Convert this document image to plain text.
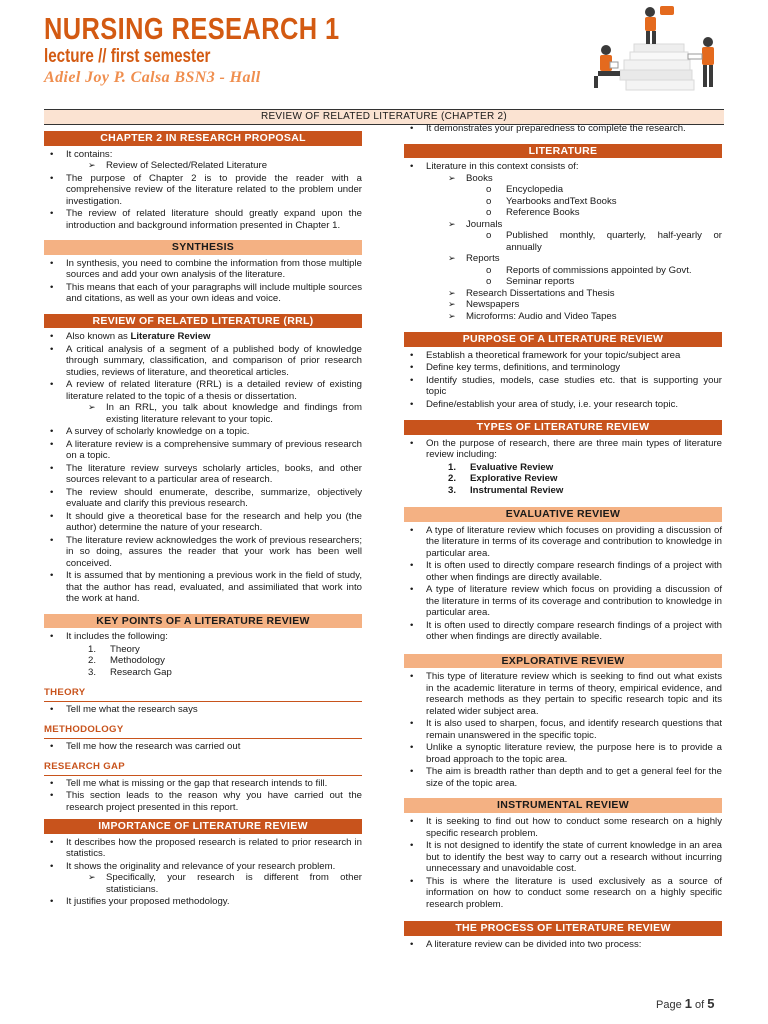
NURSING RESEARCH 1
lecture // first semester
Adiel Joy P. Calsa BSN3 - Hall
REVIEW OF RELATED LITERATURE (CHAPTER 2)
CHAPTER 2 IN RESEARCH PROPOSAL
• It contains:
➢ Review of Selected/Related Literature
• The purpose of Chapter 2 is to provide the reader with a comprehensive review of the literature related to the problem under investigation.
• The review of related literature should greatly expand upon the introduction and background information presented in Chapter 1.
SYNTHESIS
• In synthesis, you need to combine the information from those multiple sources and add your own analysis of the literature.
• This means that each of your paragraphs will include multiple sources and citations, as well as your own ideas and voice.
REVIEW OF RELATED LITERATURE (RRL)
• Also known as Literature Review
• A critical analysis of a segment of a published body of knowledge through summary, classification, and comparison of prior research studies, reviews of literature, and theoretical articles.
• A review of related literature (RRL) is a detailed review of existing literature related to the topic of a thesis or dissertation.
➢ In an RRL, you talk about knowledge and findings from existing literature relevant to your topic.
• A survey of scholarly knowledge on a topic.
• A literature review is a comprehensive summary of previous research on a topic.
• The literature review surveys scholarly articles, books, and other sources relevant to a particular area of research.
• The review should enumerate, describe, summarize, objectively evaluate and clarify this previous research.
• It should give a theoretical base for the research and help you (the author) determine the nature of your research.
• The literature review acknowledges the work of previous researchers; in so doing, assures the reader that your work has been well conceived.
• It is assumed that by mentioning a previous work in the field of study, that the author has read, evaluated, and assimiliated that work into the work at hand.
KEY POINTS OF A LITERATURE REVIEW
• It includes the following:
1. Theory
2. Methodology
3. Research Gap
THEORY
• Tell me what the research says
METHODOLOGY
• Tell me how the research was carried out
RESEARCH GAP
• Tell me what is missing or the gap that research intends to fill.
• This section leads to the reason why you have carried out the research project presented in this report.
IMPORTANCE OF LITERATURE REVIEW
• It describes how the proposed research is related to prior research in statistics.
• It shows the originality and relevance of your research problem.
➢ Specifically, your research is different from other statisticians.
• It justifies your proposed methodology.
• It demonstrates your preparedness to complete the research.
LITERATURE
• Literature in this context consists of:
➢ Books
o Encyclopedia
o Yearbooks andText Books
o Reference Books
➢ Journals
o Published monthly, quarterly, half-yearly or annually
➢ Reports
o Reports of commissions appointed by Govt.
o Seminar reports
➢ Research Dissertations and Thesis
➢ Newspapers
➢ Microforms: Audio and Video Tapes
PURPOSE OF A LITERATURE REVIEW
• Establish a theoretical framework for your topic/subject area
• Define key terms, definitions, and terminology
• Identify studies, models, case studies etc. that is supporting your topic
• Define/establish your area of study, i.e. your research topic.
TYPES OF LITERATURE REVIEW
• On the purpose of research, there are three main types of literature review including:
1. Evaluative Review
2. Explorative Review
3. Instrumental Review
EVALUATIVE REVIEW
• A type of literature review which focuses on providing a discussion of the literature in terms of its coverage and contribution to knowledge in particular area.
• It is often used to directly compare research findings of a project with other when findings are directly available.
• A type of literature review which focus on providing a discussion of the literature in terms of its coverage and contribution to knowledge in particular area.
• It is often used to directly compare research findings of a project with other when findings are directly available.
EXPLORATIVE REVIEW
• This type of literature review which is seeking to find out what exists in the academic literature in terms of theory, empirical evidence, and research methods as they pertain to specific research topic and its related wider subject area.
• It is also used to sharpen, focus, and identify research questions that remain unanswered in the specific topic.
• Unlike a synoptic literature review, the purpose here is to provide a broad approach to the topic area.
• The aim is breadth rather than depth and to get a general feel for the size of the topic area.
INSTRUMENTAL REVIEW
• It is seeking to find out how to conduct some research on a highly specific research problem.
• It is not designed to identify the state of current knowledge in an area but to identify the best way to carry out a research without incurring unnecessary and unavoidable cost.
• This is where the literature is used exclusively as a source of information on how to conduct some research on a highly specific research problem.
THE PROCESS OF LITERATURE REVIEW
• A literature review can be divided into two process:
Page 1 of 5
